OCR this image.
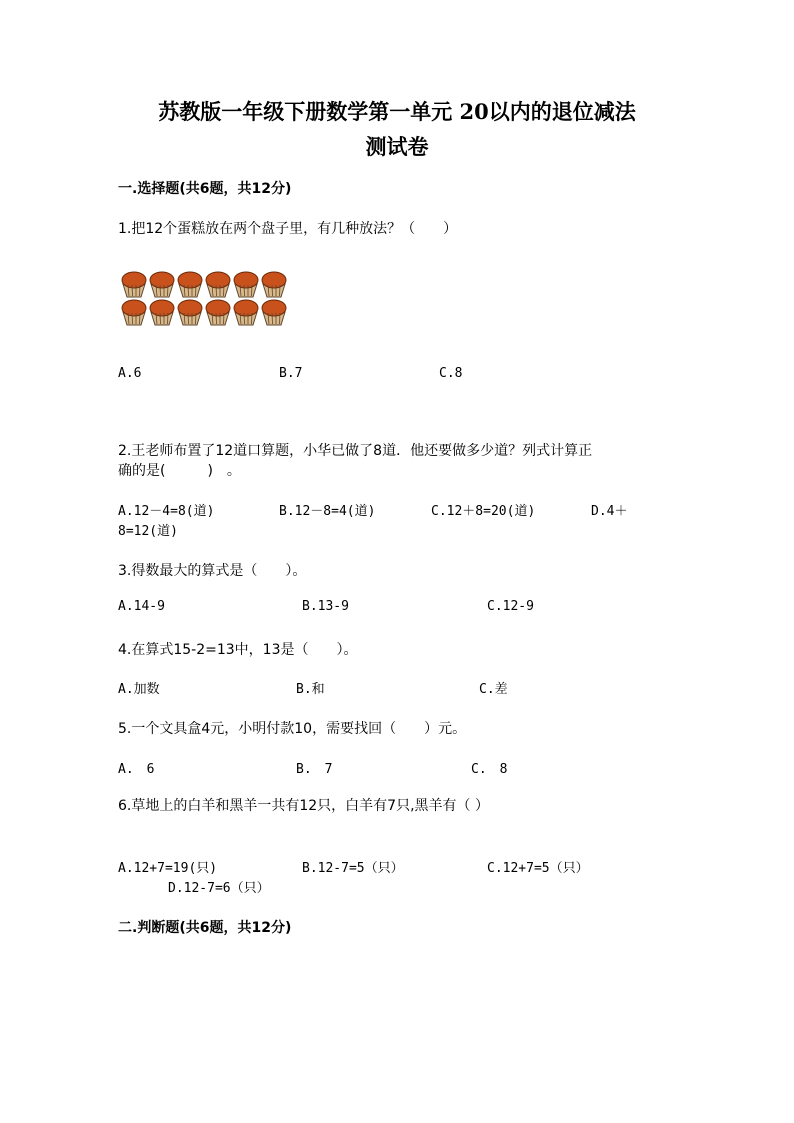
苏教版一年级下册数学第一单元 20以内的退位减法
测试卷
一.选择题(共6题，共12分)
1.把12个蛋糕放在两个盘子里，有几种放法？（　　）
A.6	B.7	C.8
2.王老师布置了12道口算题，小华已做了8道．他还要做多少道？列式计算正
确的是(　　　)　。
A.12－4=8(道)	B.12－8=4(道)	C.12＋8=20(道)	D.4＋
8=12(道)
3.得数最大的算式是（　　）。
A.14-9	B.13-9	C.12-9
4.在算式15-2=13中，13是（　　）。
A.加数	B.和	C.差
5.一个文具盒4元，小明付款10，需要找回（　　）元。
A.　6	B.　7	C.　8
6.草地上的白羊和黑羊一共有12只，白羊有7只,黑羊有（ ）
A.12+7=19(只)	B.12-7=5（只）	C.12+7=5（只）
D.12-7=6（只）
二.判断题(共6题，共12分)
